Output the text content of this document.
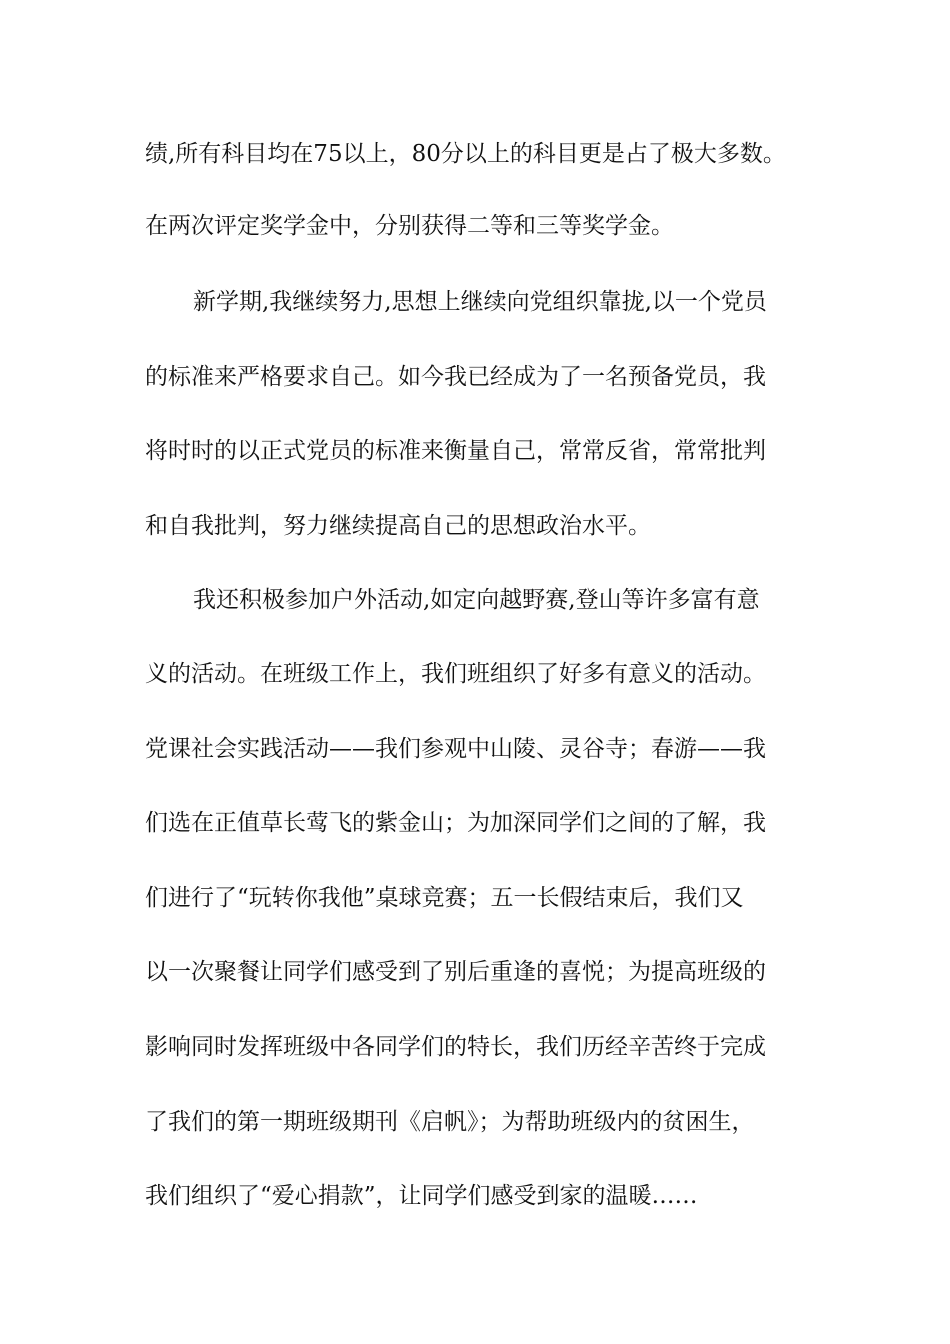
绩,所有科目均在75以上，80分以上的科目更是占了极大多数。
在两次评定奖学金中，分别获得二等和三等奖学金。
新学期,我继续努力,思想上继续向党组织靠拢,以一个党员
的标准来严格要求自己。如今我已经成为了一名预备党员，我
将时时的以正式党员的标准来衡量自己，常常反省，常常批判
和自我批判，努力继续提高自己的思想政治水平。
我还积极参加户外活动,如定向越野赛,登山等许多富有意
义的活动。在班级工作上，我们班组织了好多有意义的活动。
党课社会实践活动——我们参观中山陵、灵谷寺；春游——我
们选在正值草长莺飞的紫金山；为加深同学们之间的了解，我
们进行了“玩转你我他”桌球竞赛；五一长假结束后，我们又
以一次聚餐让同学们感受到了别后重逢的喜悦；为提高班级的
影响同时发挥班级中各同学们的特长，我们历经辛苦终于完成
了我们的第一期班级期刊《启帆》；为帮助班级内的贫困生，
我们组织了“爱心捐款”，让同学们感受到家的温暖……
